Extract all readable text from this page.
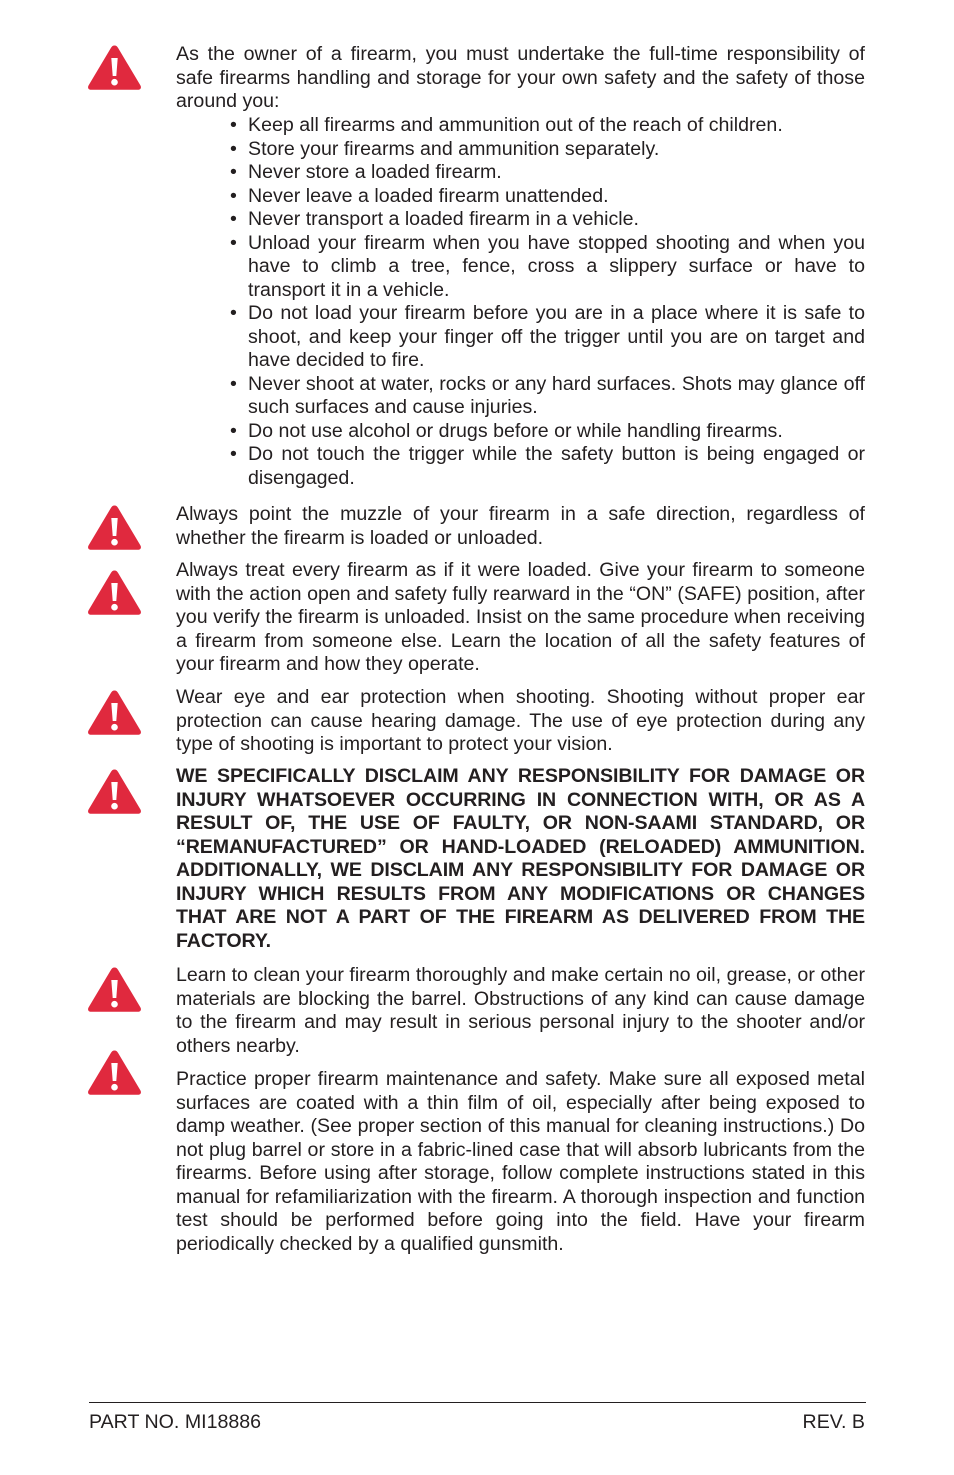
As the owner of a firearm, you must undertake the full-time responsibility of safe firearms handling and storage for your own safety and the safety of those around you:
• Keep all firearms and ammunition out of the reach of children.
• Store your firearms and ammunition separately.
• Never store a loaded firearm.
• Never leave a loaded firearm unattended.
• Never transport a loaded firearm in a vehicle.
• Unload your firearm when you have stopped shooting and when you have to climb a tree, fence, cross a slippery surface or have to transport it in a vehicle.
• Do not load your firearm before you are in a place where it is safe to shoot, and keep your finger off the trigger until you are on target and have decided to fire.
• Never shoot at water, rocks or any hard surfaces. Shots may glance off such surfaces and cause injuries.
• Do not use alcohol or drugs before or while handling firearms.
• Do not touch the trigger while the safety button is being engaged or disengaged.
Always point the muzzle of your firearm in a safe direction, regardless of whether the firearm is loaded or unloaded.
Always treat every firearm as if it were loaded. Give your firearm to someone with the action open and safety fully rearward in the “ON” (SAFE) position, after you verify the firearm is unloaded. Insist on the same procedure when receiving a firearm from someone else. Learn the location of all the safety features of your firearm and how they operate.
Wear eye and ear protection when shooting. Shooting without proper ear protection can cause hearing damage. The use of eye protection during any type of shooting is important to protect your vision.
WE SPECIFICALLY DISCLAIM ANY RESPONSIBILITY FOR DAMAGE OR INJURY WHATSOEVER OCCURRING IN CONNECTION WITH, OR AS A RESULT OF, THE USE OF FAULTY, OR NON-SAAMI STANDARD, OR “REMANUFACTURED” OR HAND-LOADED (RELOADED) AMMUNITION. ADDITIONALLY, WE DISCLAIM ANY RESPONSIBILITY FOR DAMAGE OR INJURY WHICH RESULTS FROM ANY MODIFICATIONS OR CHANGES THAT ARE NOT A PART OF THE FIREARM AS DELIVERED FROM THE FACTORY.
Learn to clean your firearm thoroughly and make certain no oil, grease, or other materials are blocking the barrel. Obstructions of any kind can cause damage to the firearm and may result in serious personal injury to the shooter and/or others nearby.
Practice proper firearm maintenance and safety. Make sure all exposed metal surfaces are coated with a thin film of oil, especially after being exposed to damp weather. (See proper section of this manual for cleaning instructions.) Do not plug barrel or store in a fabric-lined case that will absorb lubricants from the firearms. Before using after storage, follow complete instructions stated in this manual for refamiliarization with the firearm. A thorough inspection and function test should be performed before going into the field. Have your firearm periodically checked by a qualified gunsmith.
PART NO. MI18886	REV. B
